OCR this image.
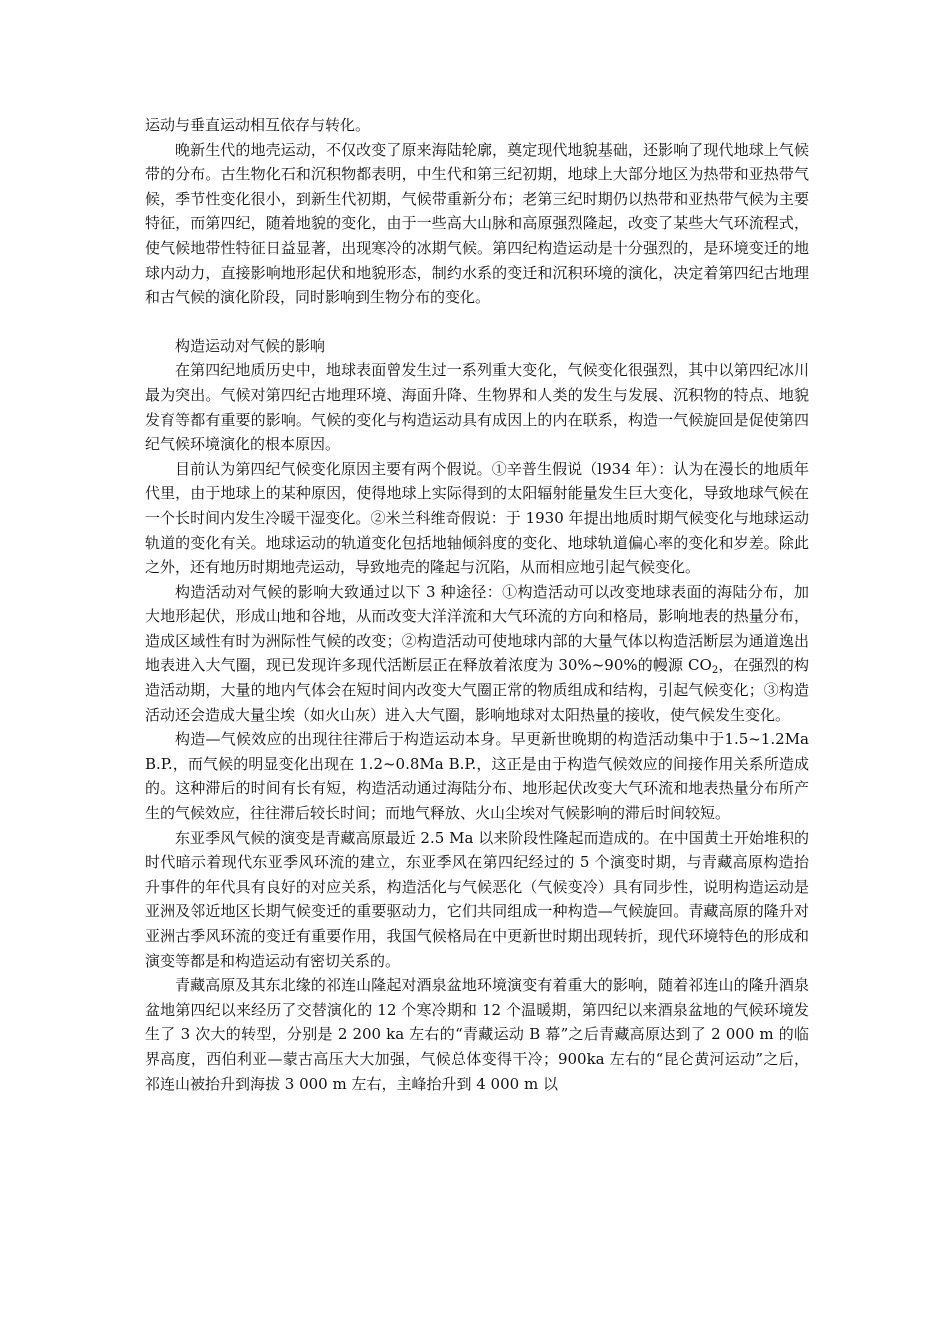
运动与垂直运动相互依存与转化。

晚新生代的地壳运动，不仅改变了原来海陆轮廓，奠定现代地貌基础，还影响了现代地球上气候带的分布。古生物化石和沉积物都表明，中生代和第三纪初期，地球上大部分地区为热带和亚热带气候，季节性变化很小，到新生代初期，气候带重新分布；老第三纪时期仍以热带和亚热带气候为主要特征，而第四纪，随着地貌的变化，由于一些高大山脉和高原强烈隆起，改变了某些大气环流程式，使气候地带性特征日益显著，出现寒冷的冰期气候。第四纪构造运动是十分强烈的，是环境变迁的地球内动力，直接影响地形起伏和地貌形态，制约水系的变迁和沉积环境的演化，决定着第四纪古地理和古气候的演化阶段，同时影响到生物分布的变化。

构造运动对气候的影响

在第四纪地质历史中，地球表面曾发生过一系列重大变化，气候变化很强烈，其中以第四纪冰川最为突出。气候对第四纪古地理环境、海面升降、生物界和人类的发生与发展、沉积物的特点、地貌发育等都有重要的影响。气候的变化与构造运动具有成因上的内在联系，构造一气候旋回是促使第四纪气候环境演化的根本原因。

目前认为第四纪气候变化原因主要有两个假说。①辛普生假说（l934 年）：认为在漫长的地质年代里，由于地球上的某种原因，使得地球上实际得到的太阳辐射能量发生巨大变化，导致地球气候在一个长时间内发生冷暖干湿变化。②米兰科维奇假说：于 1930 年提出地质时期气候变化与地球运动轨道的变化有关。地球运动的轨道变化包括地轴倾斜度的变化、地球轨道偏心率的变化和岁差。除此之外，还有地历时期地壳运动，导致地壳的隆起与沉陷，从而相应地引起气候变化。

构造活动对气候的影响大致通过以下 3 种途径：①构造活动可以改变地球表面的海陆分布，加大地形起伏，形成山地和谷地，从而改变大洋洋流和大气环流的方向和格局，影响地表的热量分布，造成区域性有时为洲际性气候的改变；②构造活动可使地球内部的大量气体以构造活断层为通道逸出地表进入大气圈，现已发现许多现代活断层正在释放着浓度为 30%~90%的幔源 $CO_2$，在强烈的构造活动期，大量的地内气体会在短时间内改变大气圈正常的物质组成和结构，引起气候变化；③构造活动还会造成大量尘埃（如火山灰）进入大气圈，影响地球对太阳热量的接收，使气候发生变化。

构造—气候效应的出现往往滞后于构造运动本身。早更新世晚期的构造活动集中于1.5~1.2Ma B.P.，而气候的明显变化出现在 1.2~0.8Ma B.P.，这正是由于构造气候效应的间接作用关系所造成的。这种滞后的时间有长有短，构造活动通过海陆分布、地形起伏改变大气环流和地表热量分布所产生的气候效应，往往滞后较长时间；而地气释放、火山尘埃对气候影响的滞后时间较短。

东亚季风气候的演变是青藏高原最近 2.5 Ma 以来阶段性隆起而造成的。在中国黄土开始堆积的时代暗示着现代东亚季风环流的建立，东亚季风在第四纪经过的 5 个演变时期，与青藏高原构造抬升事件的年代具有良好的对应关系，构造活化与气候恶化（气候变冷）具有同步性，说明构造运动是亚洲及邻近地区长期气候变迁的重要驱动力，它们共同组成一种构造—气候旋回。青藏高原的隆升对亚洲古季风环流的变迁有重要作用，我国气候格局在中更新世时期出现转折，现代环境特色的形成和演变等都是和构造运动有密切关系的。

青藏高原及其东北缘的祁连山隆起对酒泉盆地环境演变有着重大的影响，随着祁连山的隆升酒泉盆地第四纪以来经历了交替演化的 12 个寒冷期和 12 个温暖期，第四纪以来酒泉盆地的气候环境发生了 3 次大的转型，分别是 2 200 ka 左右的“青藏运动 B 幕”之后青藏高原达到了 2 000 m 的临界高度，西伯利亚—蒙古高压大大加强，气候总体变得干冷；900ka 左右的“昆仑黄河运动”之后，祁连山被抬升到海拔 3 000 m 左右，主峰抬升到 4 000 m 以
